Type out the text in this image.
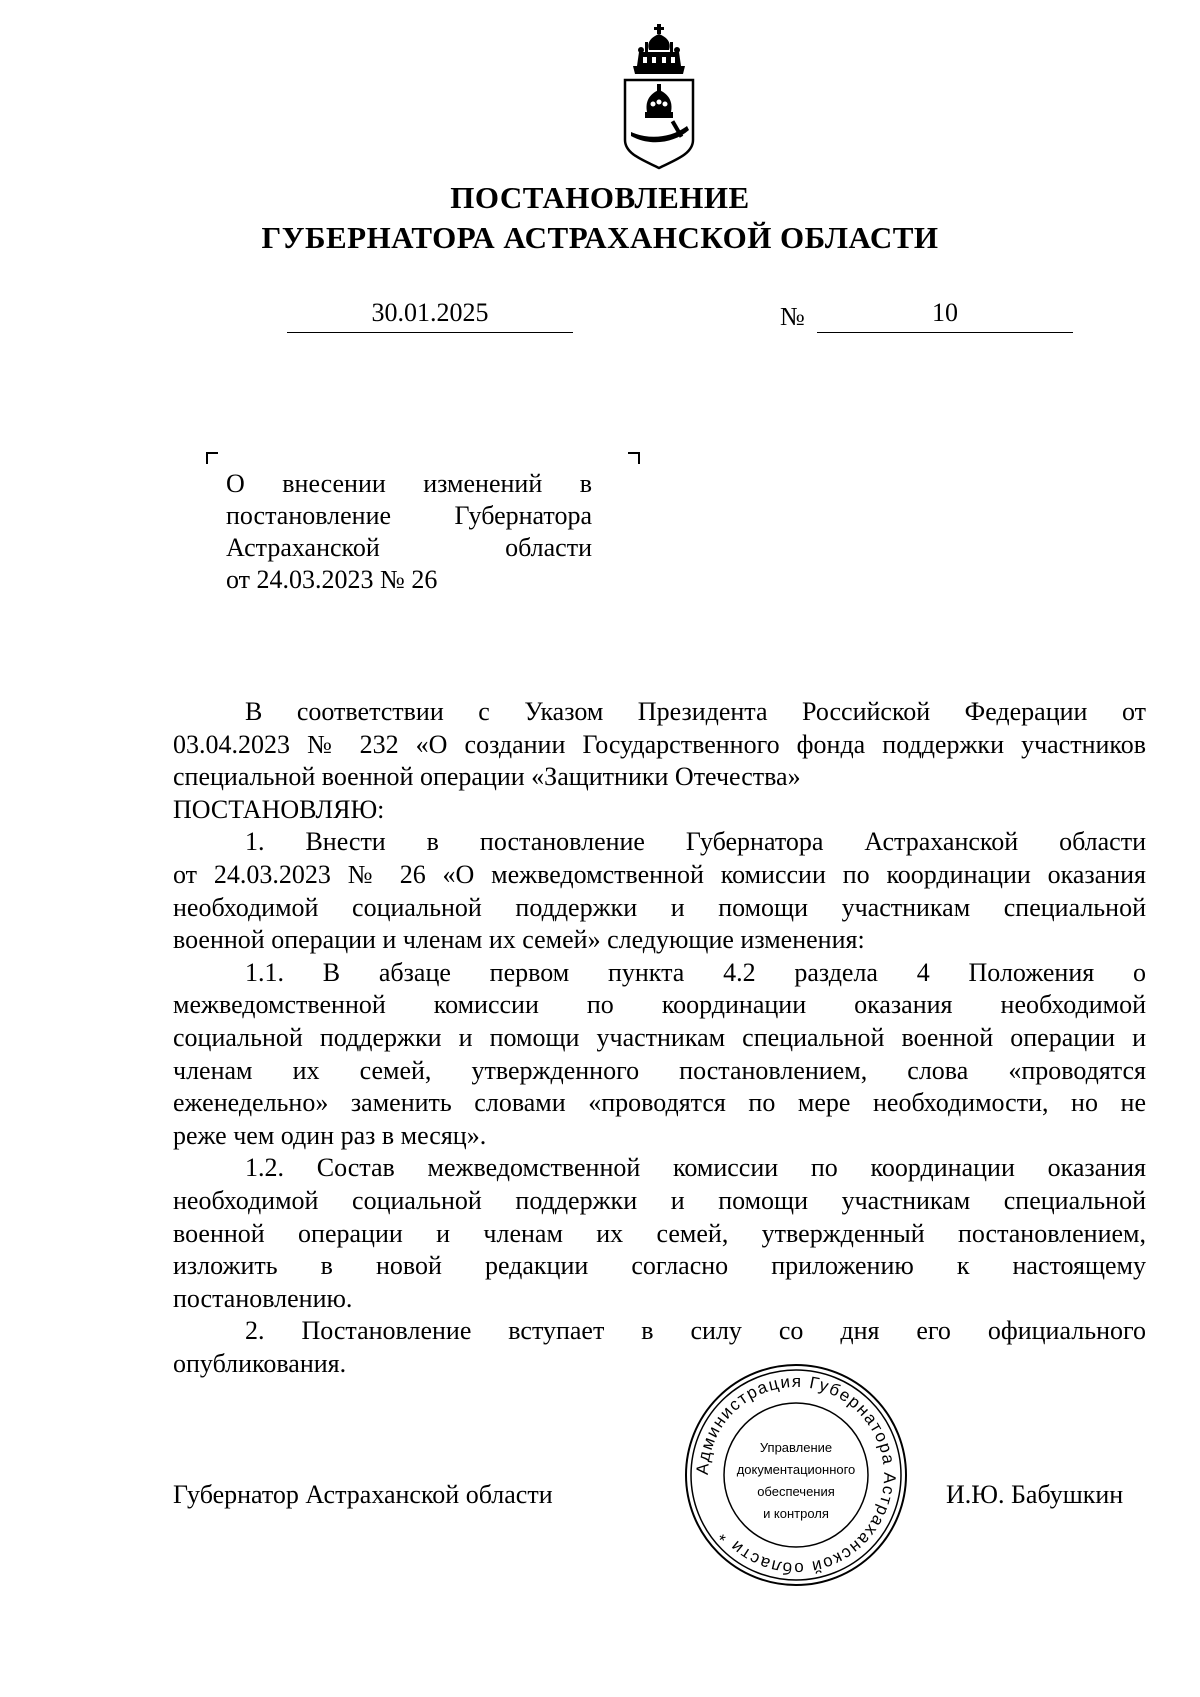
ПОСТАНОВЛЕНИЕ
ГУБЕРНАТОРА АСТРАХАНСКОЙ ОБЛАСТИ
30.01.2025	№	10
О внесении изменений в
постановление Губернатора
Астраханской области
от 24.03.2023 № 26
В соответствии с Указом Президента Российской Федерации от
03.04.2023 № 232 «О создании Государственного фонда поддержки участников
специальной военной операции «Защитники Отечества»
ПОСТАНОВЛЯЮ:
1. Внести в постановление Губернатора Астраханской области
от 24.03.2023 № 26 «О межведомственной комиссии по координации оказания
необходимой социальной поддержки и помощи участникам специальной
военной операции и членам их семей» следующие изменения:
1.1. В абзаце первом пункта 4.2 раздела 4 Положения о
межведомственной комиссии по координации оказания необходимой
социальной поддержки и помощи участникам специальной военной операции и
членам их семей, утвержденного постановлением, слова «проводятся
еженедельно» заменить словами «проводятся по мере необходимости, но не
реже чем один раз в месяц».
1.2. Состав межведомственной комиссии по координации оказания
необходимой социальной поддержки и помощи участникам специальной
военной операции и членам их семей, утвержденный постановлением,
изложить в новой редакции согласно приложению к настоящему
постановлению.
2. Постановление вступает в силу со дня его официального
опубликования.
Губернатор Астраханской области	И.Ю. Бабушкин
Администрация Губернатора Астраханской области *
Управление
документационного
обеспечения
и контроля
